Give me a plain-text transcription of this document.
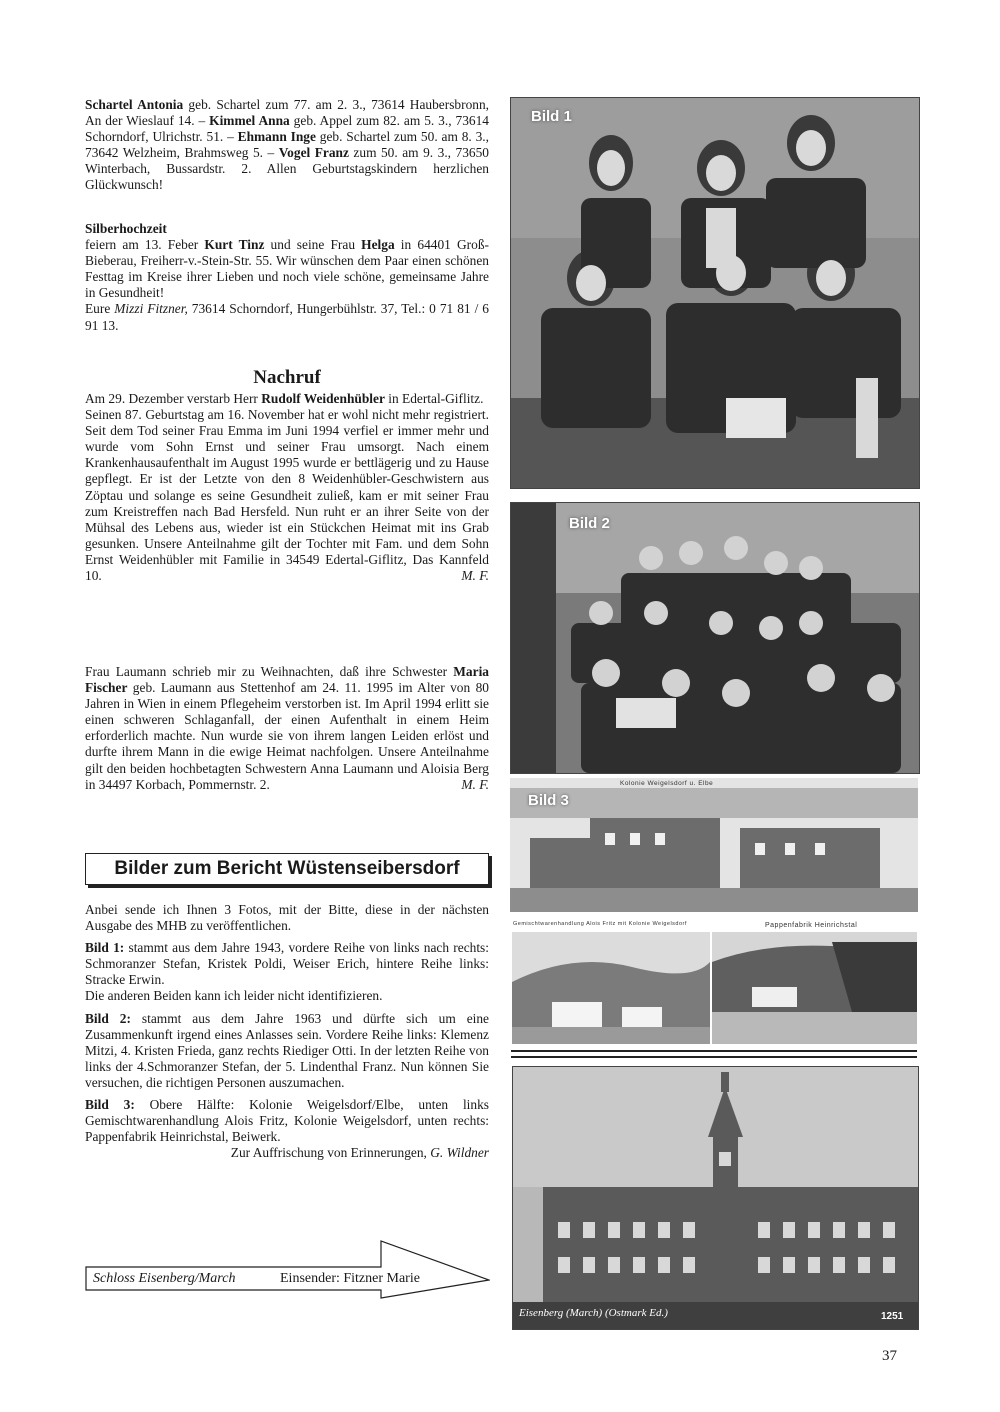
Schartel Antonia geb. Schartel zum 77. am 2. 3., 73614 Haubersbronn, An der Wieslauf 14. – Kimmel Anna geb. Appel zum 82. am 5. 3., 73614 Schorndorf, Ulrichstr. 51. – Ehmann Inge geb. Schartel zum 50. am 8. 3., 73642 Welzheim, Brahmsweg 5. – Vogel Franz zum 50. am 9. 3., 73650 Winterbach, Bussardstr. 2. Allen Geburtstagskindern herzlichen Glückwunsch!

Silberhochzeit

feiern am 13. Feber Kurt Tinz und seine Frau Helga in 64401 Groß-Bieberau, Freiherr-v.-Stein-Str. 55. Wir wünschen dem Paar einen schönen Festtag im Kreise ihrer Lieben und noch viele schöne, gemeinsame Jahre in Gesundheit!

Eure Mizzi Fitzner, 73614 Schorndorf, Hungerbühlstr. 37, Tel.: 0 71 81 / 6 91 13.

Nachruf

Am 29. Dezember verstarb Herr Rudolf Weidenhübler in Edertal-Giflitz.

Seinen 87. Geburtstag am 16. November hat er wohl nicht mehr registriert. Seit dem Tod seiner Frau Emma im Juni 1994 verfiel er immer mehr und wurde vom Sohn Ernst und seiner Frau umsorgt. Nach einem Krankenhausaufenthalt im August 1995 wurde er bettlägerig und zu Hause gepflegt. Er ist der Letzte von den 8 Weidenhübler-Geschwistern aus Zöptau und solange es seine Gesundheit zuließ, kam er mit seiner Frau zum Kreistreffen nach Bad Hersfeld. Nun ruht er an ihrer Seite von der Mühsal des Lebens aus, wieder ist ein Stückchen Heimat mit ins Grab gesunken. Unsere Anteilnahme gilt der Tochter mit Fam. und dem Sohn Ernst Weidenhübler mit Familie in 34549 Edertal-Giflitz, Das Kannfeld 10.	M. F.

Frau Laumann schrieb mir zu Weihnachten, daß ihre Schwester Maria Fischer geb. Laumann aus Stettenhof am 24. 11. 1995 im Alter von 80 Jahren in Wien in einem Pflegeheim verstorben ist. Im April 1994 erlitt sie einen schweren Schlaganfall, der einen Aufenthalt in einem Heim erforderlich machte. Nun wurde sie von ihrem langen Leiden erlöst und durfte ihrem Mann in die ewige Heimat nachfolgen. Unsere Anteilnahme gilt den beiden hochbetagten Schwestern Anna Laumann und Aloisia Berg in 34497 Korbach, Pommernstr. 2.	M. F.

Bilder zum Bericht Wüstenseibersdorf

Anbei sende ich Ihnen 3 Fotos, mit der Bitte, diese in der nächsten Ausgabe des MHB zu veröffentlichen.

Bild 1: stammt aus dem Jahre 1943, vordere Reihe von links nach rechts: Schmoranzer Stefan, Kristek Poldi, Weiser Erich, hintere Reihe links: Stracke Erwin.

Die anderen Beiden kann ich leider nicht identifizieren.

Bild 2: stammt aus dem Jahre 1963 und dürfte sich um eine Zusammenkunft irgend eines Anlasses sein. Vordere Reihe links: Klemenz Mitzi, 4. Kristen Frieda, ganz rechts Riediger Otti. In der letzten Reihe von links der 4.Schmoranzer Stefan, der 5. Lindenthal Franz. Nun können Sie versuchen, die richtigen Personen auszumachen.

Bild 3: Obere Hälfte: Kolonie Weigelsdorf/Elbe, unten links Gemischtwarenhandlung Alois Fritz, Kolonie Weigelsdorf, unten rechts: Pappenfabrik Heinrichstal, Beiwerk.

Zur Auffrischung von Erinnerungen, G. Wildner

Schloss Eisenberg/March	Einsender: Fitzner Marie
Bild 1
Bild 2
Bild 3
Kolonie Weigelsdorf u. Elbe
Gemischtwarenhandlung Alois Fritz mit Kolonie Weigelsdorf	Pappenfabrik Heinrichstal
Eisenberg (March) (Ostmark Ed.)	1251
37
